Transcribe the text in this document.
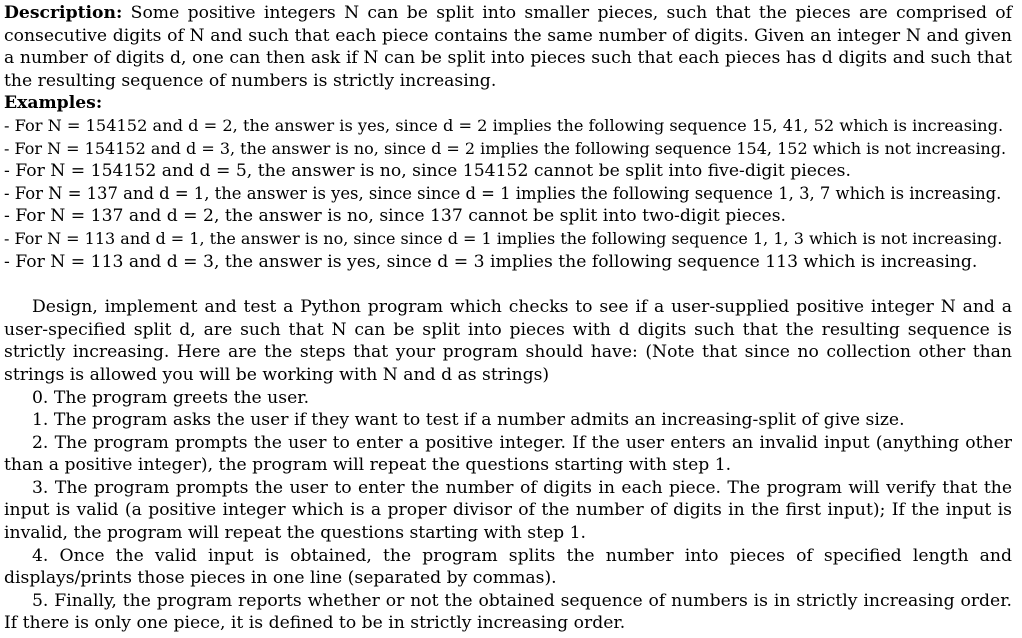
Description: Some positive integers N can be split into smaller pieces, such that the pieces are comprised of consecutive digits of N and such that each piece contains the same number of digits. Given an integer N and given a number of digits d, one can then ask if N can be split into pieces such that each pieces has d digits and such that the resulting sequence of numbers is strictly increasing.

Examples:
- For N = 154152 and d = 2, the answer is yes, since d = 2 implies the following sequence 15, 41, 52 which is increasing.
- For N = 154152 and d = 3, the answer is no, since d = 2 implies the following sequence 154, 152 which is not increasing.
- For N = 154152 and d = 5, the answer is no, since 154152 cannot be split into five-digit pieces.
- For N = 137 and d = 1, the answer is yes, since since d = 1 implies the following sequence 1, 3, 7 which is increasing.
- For N = 137 and d = 2, the answer is no, since 137 cannot be split into two-digit pieces.
- For N = 113 and d = 1, the answer is no, since since d = 1 implies the following sequence 1, 1, 3 which is not increasing.
- For N = 113 and d = 3, the answer is yes, since d = 3 implies the following sequence 113 which is increasing.

Design, implement and test a Python program which checks to see if a user-supplied positive integer N and a user-specified split d, are such that N can be split into pieces with d digits such that the resulting sequence is strictly increasing. Here are the steps that your program should have: (Note that since no collection other than strings is allowed you will be working with N and d as strings)

0. The program greets the user.

1. The program asks the user if they want to test if a number admits an increasing-split of give size.

2. The program prompts the user to enter a positive integer. If the user enters an invalid input (anything other than a positive integer), the program will repeat the questions starting with step 1.

3. The program prompts the user to enter the number of digits in each piece. The program will verify that the input is valid (a positive integer which is a proper divisor of the number of digits in the first input); If the input is invalid, the program will repeat the questions starting with step 1.

4. Once the valid input is obtained, the program splits the number into pieces of specified length and displays/prints those pieces in one line (separated by commas).

5. Finally, the program reports whether or not the obtained sequence of numbers is in strictly increasing order. If there is only one piece, it is defined to be in strictly increasing order.
